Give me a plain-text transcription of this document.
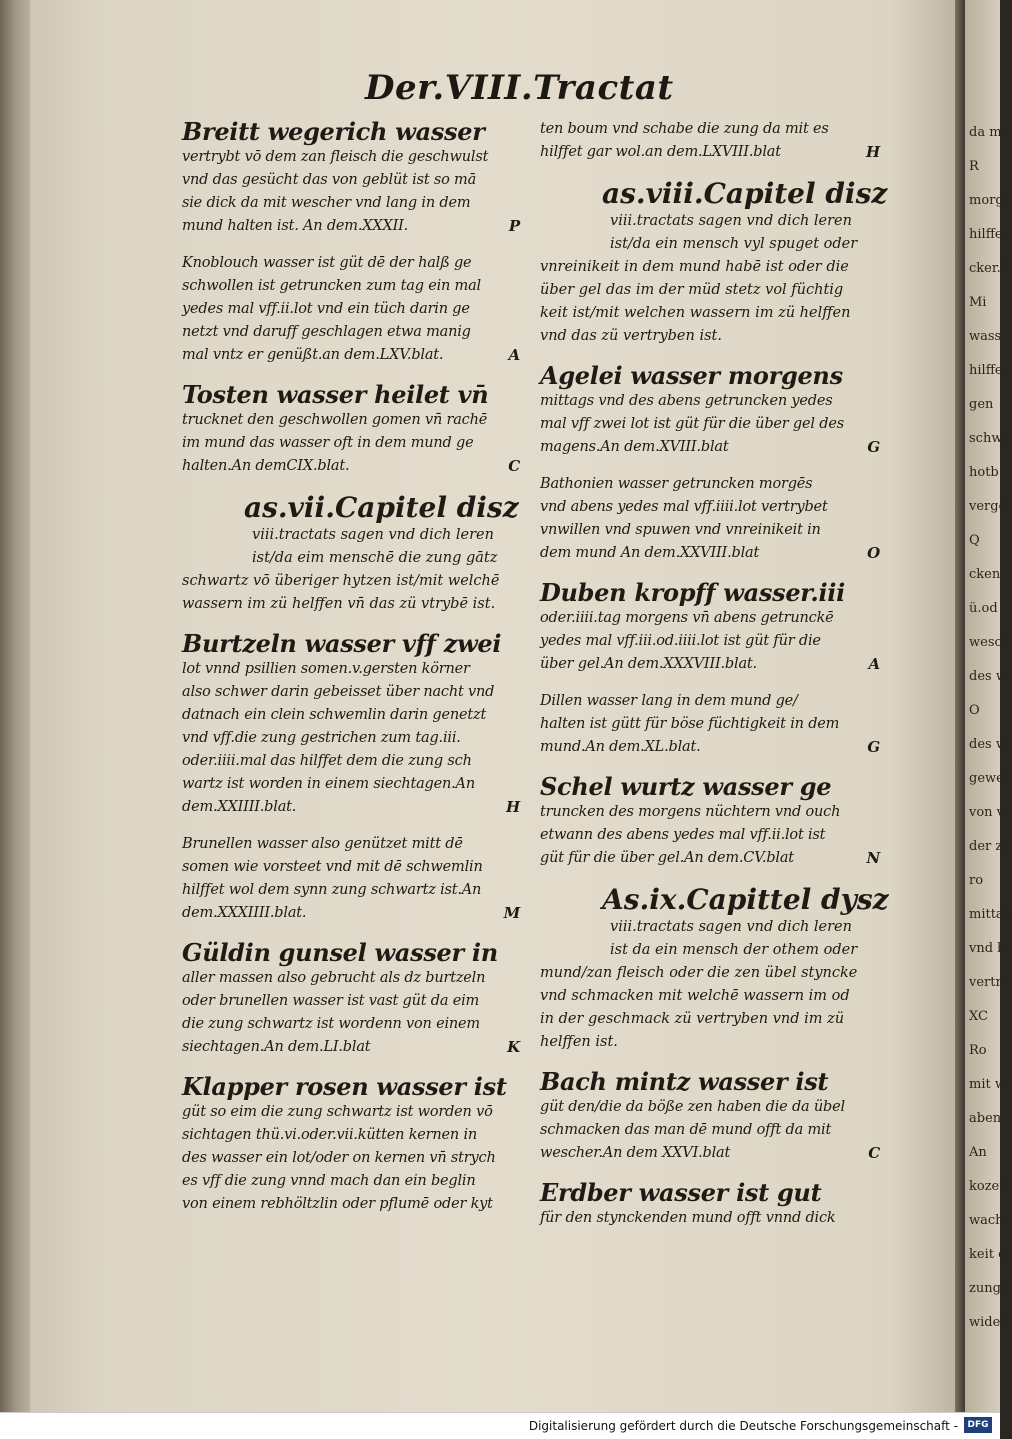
da mi
R
morg
hilffe
cker.X
Mi
wass
hilffe
gen
schwa
hotb
verge
Q
cken
ü.od
wesch
des w
O
des w
gewes
von v
der zu
ro
mittag
vnd b
vertr
XC
Ro
mit w
aben
An
kozen
wach
keit o
zunge
wider
Der.VIII.Tractat
Breitt wegerich wasser
vertrybt vō dem zan fleisch die geschwulst
vnd das gesücht das von geblüt ist so mā
sie dick da mit wescher vnd lang in dem
mund halten ist. An dem.XXXII.	P
Knoblouch wasser ist güt dē der halß ge
schwollen ist getruncken zum tag ein mal
yedes mal vff.ii.lot vnd ein tüch darin ge
netzt vnd daruff geschlagen etwa manig
mal vntz er genüßt.an dem.LXV.blat.	A
Tosten wasser heilet vn̄
trucknet den geschwollen gomen vn̄ rachē
im mund das wasser oft in dem mund ge
halten.An demCIX.blat.	C
as.vii.Capitel disz
viii.tractats sagen vnd dich leren
ist/da eim menschē die zung gātz
schwartz vō überiger hytzen ist/mit welchē
wassern im zü helffen vn̄ das zü vtrybē ist.
Burtzeln wasser vff zwei
lot vnnd psillien somen.v.gersten körner
also schwer darin gebeisset über nacht vnd
datnach ein clein schwemlin darin genetzt
vnd vff.die zung gestrichen zum tag.iii.
oder.iiii.mal das hilffet dem die zung sch
wartz ist worden in einem siechtagen.An
dem.XXIIII.blat.	H
Brunellen wasser also genützet mitt dē
somen wie vorsteet vnd mit dē schwemlin
hilffet wol dem synn zung schwartz ist.An
dem.XXXIIII.blat.	M
Güldin gunsel wasser in
aller massen also gebrucht als dz burtzeln
oder brunellen wasser ist vast güt da eim
die zung schwartz ist wordenn von einem
siechtagen.An dem.LI.blat	K
Klapper rosen wasser ist
güt so eim die zung schwartz ist worden vō
sichtagen thü.vi.oder.vii.kütten kernen in
des wasser ein lot/oder on kernen vn̄ strych
es vff die zung vnnd mach dan ein beglin
von einem rebhöltzlin oder pflumē oder kyt
ten boum vnd schabe die zung da mit es
hilffet gar wol.an dem.LXVIII.blat	H
as.viii.Capitel disz
viii.tractats sagen vnd dich leren
ist/da ein mensch vyl spuget oder
vnreinikeit in dem mund habē ist oder die
über gel das im der müd stetz vol füchtig
keit ist/mit welchen wassern im zü helffen
vnd das zü vertryben ist.
Agelei wasser morgens
mittags vnd des abens getruncken yedes
mal vff zwei lot ist güt für die über gel des
magens.An dem.XVIII.blat	G
Bathonien wasser getruncken morgēs
vnd abens yedes mal vff.iiii.lot vertrybet
vnwillen vnd spuwen vnd vnreinikeit in
dem mund An dem.XXVIII.blat	O
Duben kropff wasser.iii
oder.iiii.tag morgens vn̄ abens getrunckē
yedes mal vff.iii.od.iiii.lot ist güt für die
über gel.An dem.XXXVIII.blat.	A
Dillen wasser lang in dem mund ge/
halten ist gütt für böse füchtigkeit in dem
mund.An dem.XL.blat.	G
Schel wurtz wasser ge
truncken des morgens nüchtern vnd ouch
etwann des abens yedes mal vff.ii.lot ist
güt für die über gel.An dem.CV.blat	N
As.ix.Capittel dysz
viii.tractats sagen vnd dich leren
ist da ein mensch der othem oder
mund/zan fleisch oder die zen übel styncke
vnd schmacken mit welchē wassern im od
in der geschmack zü vertryben vnd im zü
helffen ist.
Bach mintz wasser ist
güt den/die da böße zen haben die da übel
schmacken das man dē mund offt da mit
wescher.An dem XXVI.blat	C
Erdber wasser ist gut
für den stynckenden mund offt vnnd dick
Digitalisierung gefördert durch die Deutsche Forschungsgemeinschaft -	DFG
